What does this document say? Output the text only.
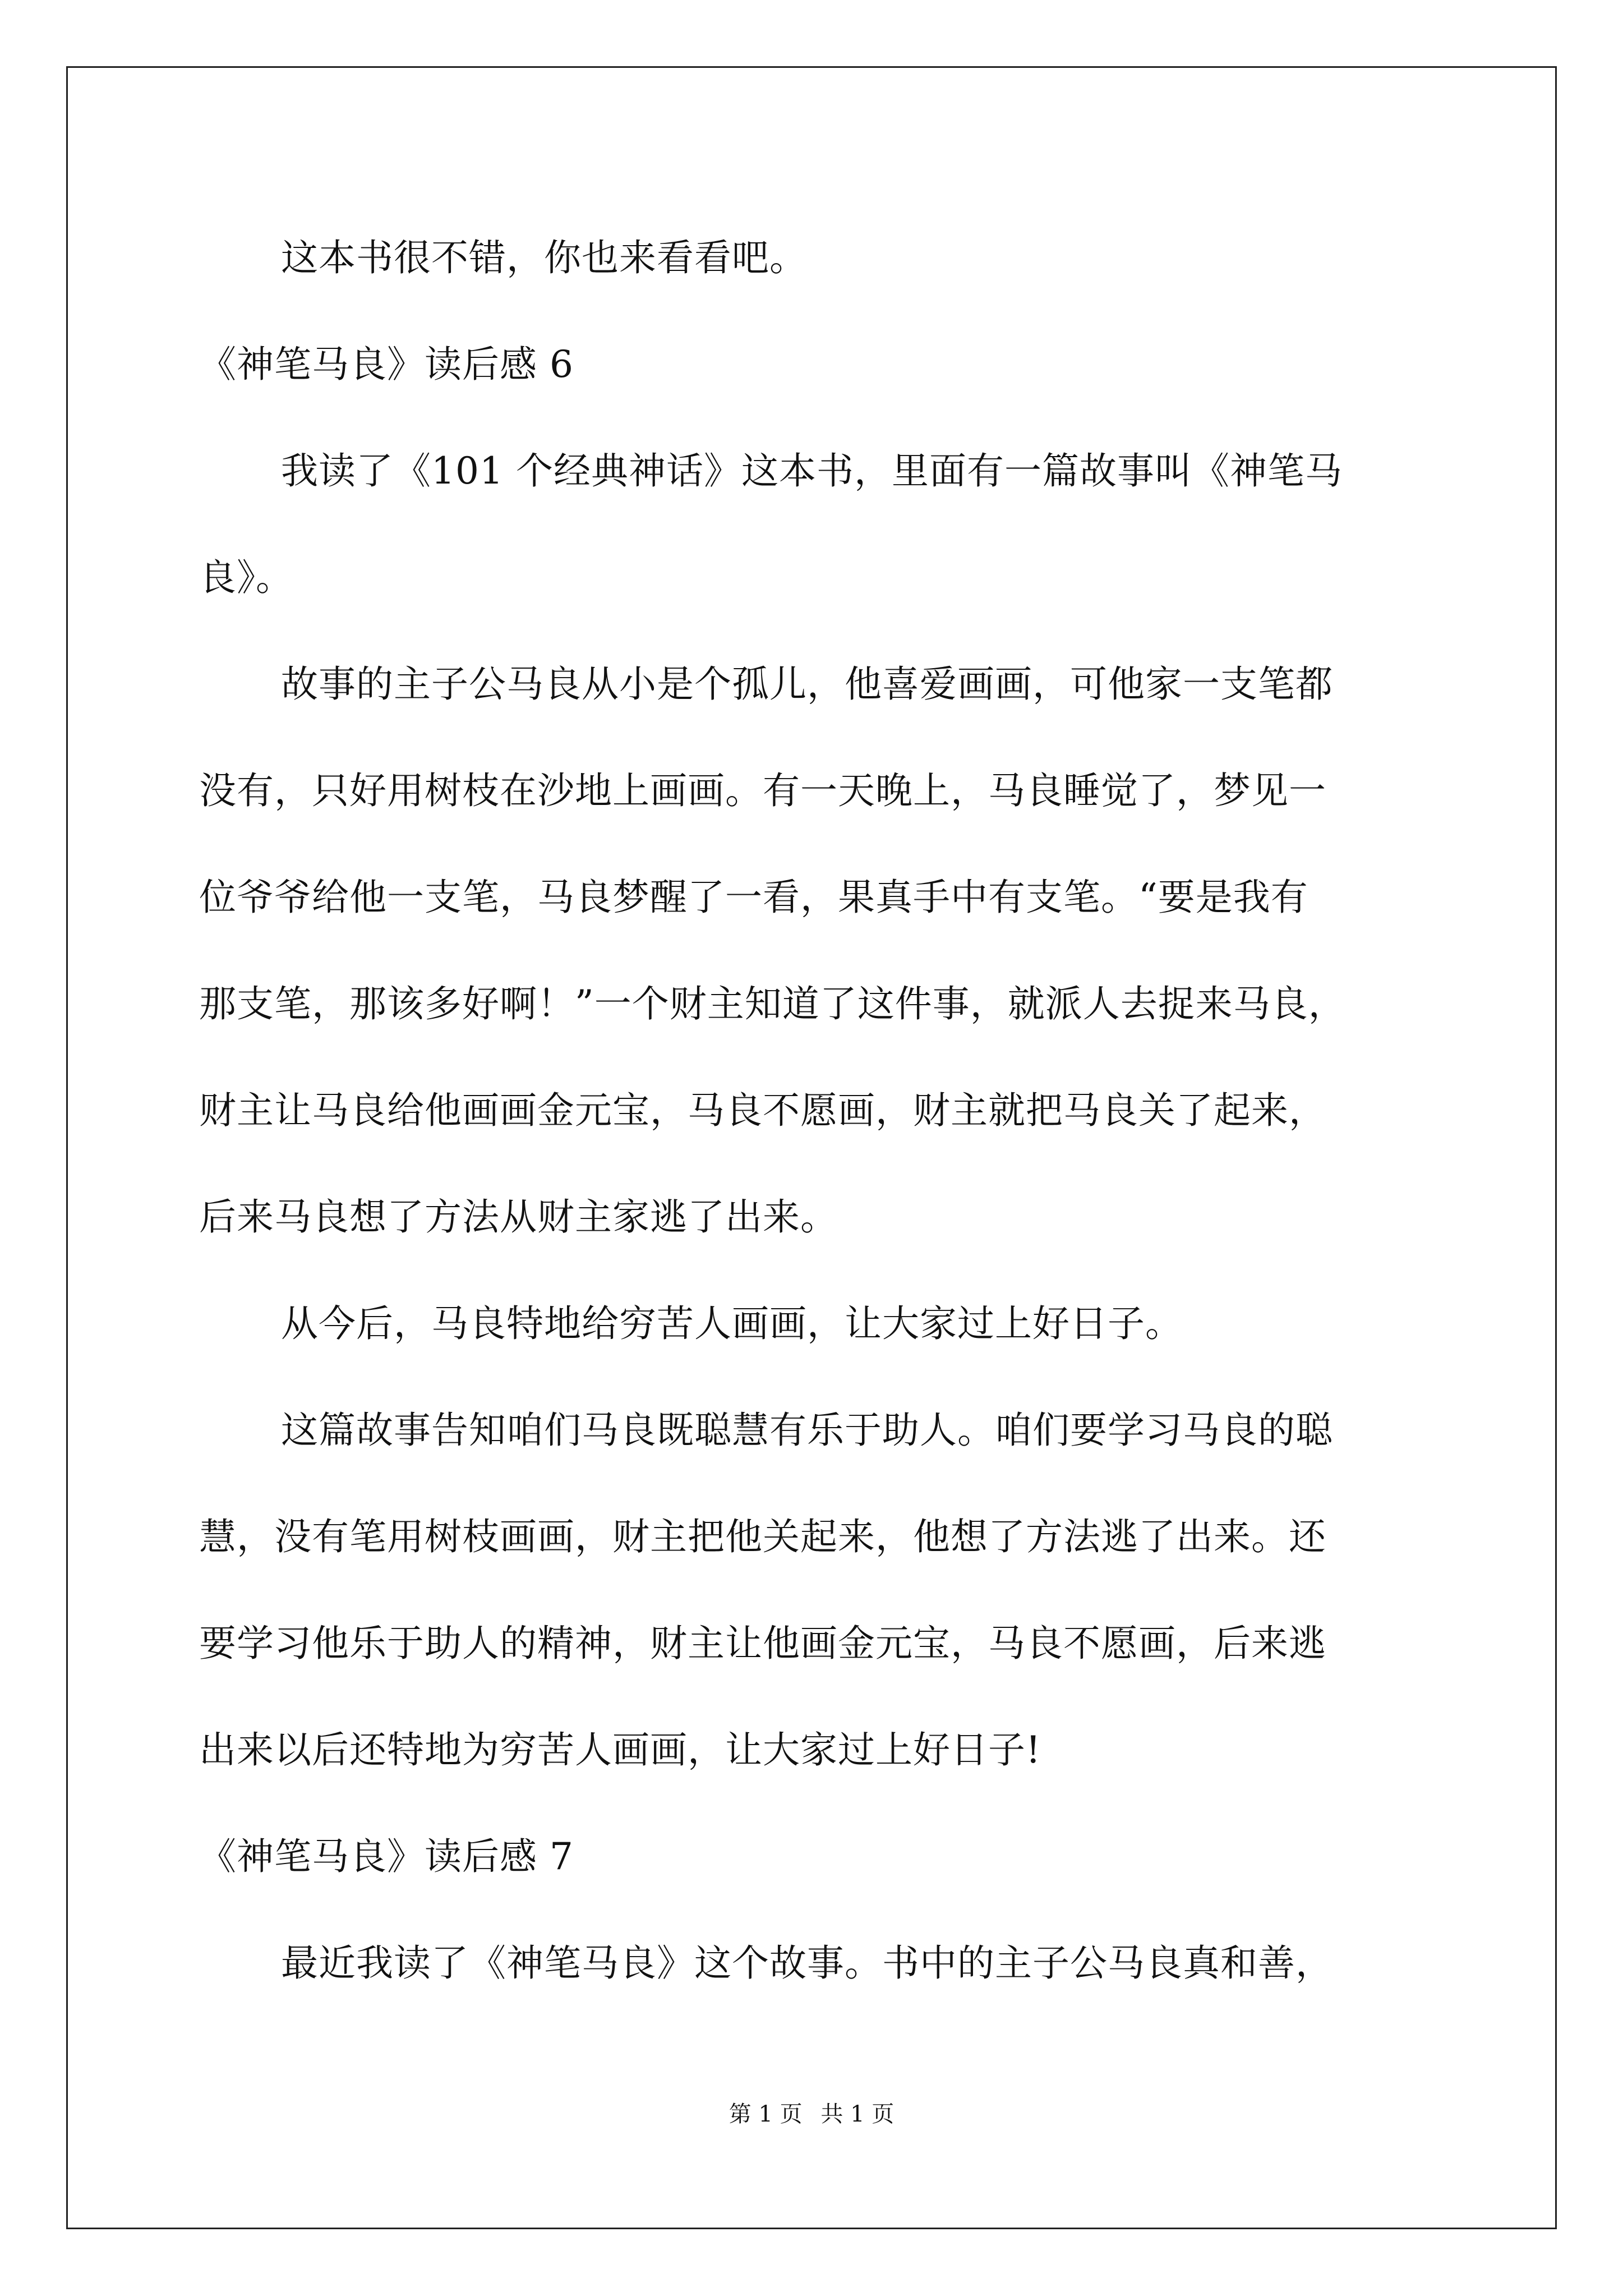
这本书很不错，你也来看看吧。
《神笔马良》读后感 6
我读了《101 个经典神话》这本书，里面有一篇故事叫《神笔马
良》。
故事的主子公马良从小是个孤儿，他喜爱画画，可他家一支笔都
没有，只好用树枝在沙地上画画。有一天晚上，马良睡觉了，梦见一
位爷爷给他一支笔，马良梦醒了一看，果真手中有支笔。“要是我有
那支笔，那该多好啊！”一个财主知道了这件事，就派人去捉来马良，
财主让马良给他画画金元宝，马良不愿画，财主就把马良关了起来，
后来马良想了方法从财主家逃了出来。
从今后，马良特地给穷苦人画画，让大家过上好日子。
这篇故事告知咱们马良既聪慧有乐于助人。咱们要学习马良的聪
慧，没有笔用树枝画画，财主把他关起来，他想了方法逃了出来。还
要学习他乐于助人的精神，财主让他画金元宝，马良不愿画，后来逃
出来以后还特地为穷苦人画画，让大家过上好日子!
《神笔马良》读后感 7
最近我读了《神笔马良》这个故事。书中的主子公马良真和善，
第 1 页 共 1 页
